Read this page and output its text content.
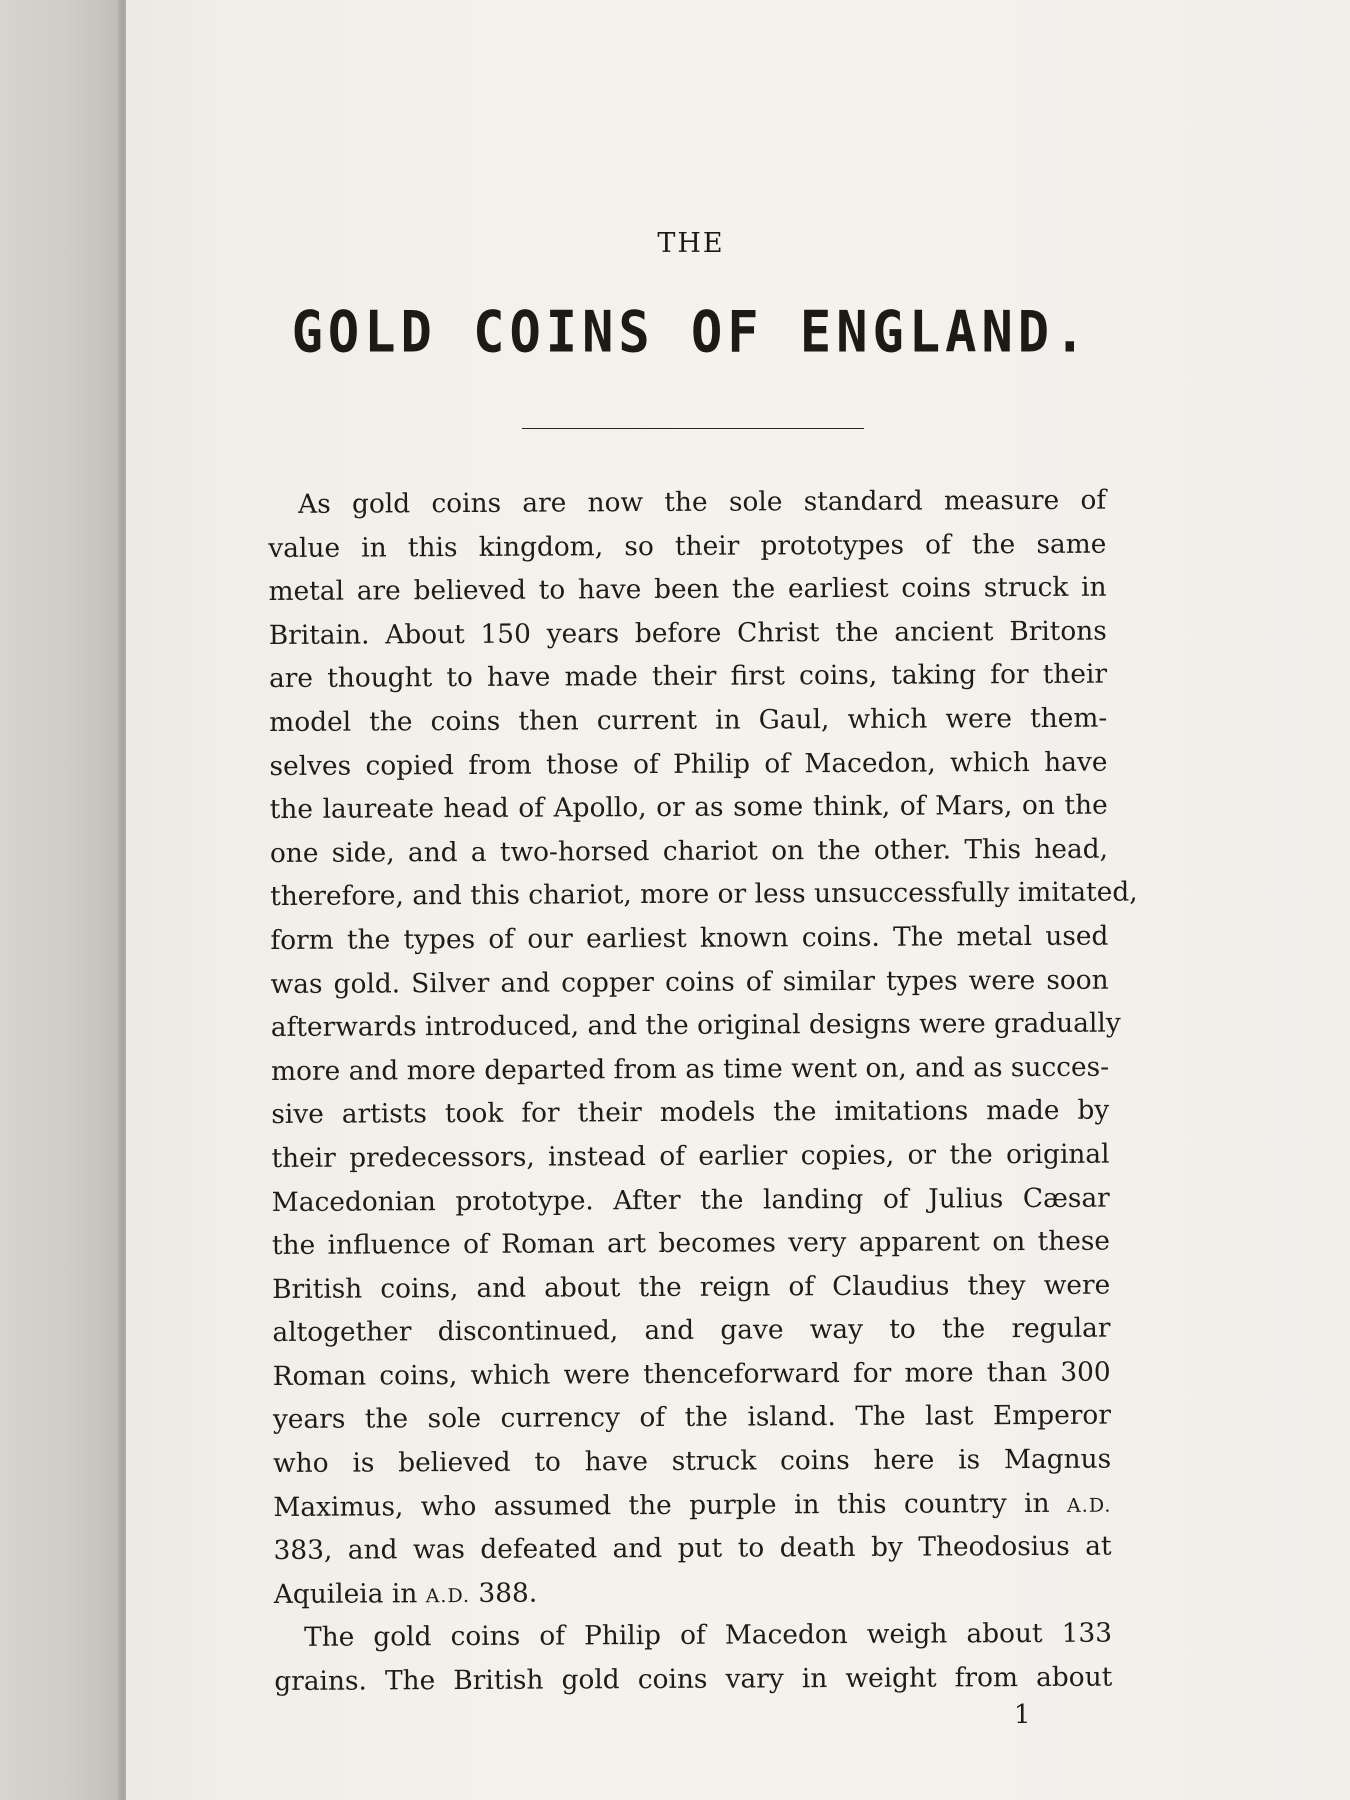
THE
GOLD COINS OF ENGLAND.
As gold coins are now the sole standard measure of
value in this kingdom, so their prototypes of the same
metal are believed to have been the earliest coins struck in
Britain. About 150 years before Christ the ancient Britons
are thought to have made their first coins, taking for their
model the coins then current in Gaul, which were them-
selves copied from those of Philip of Macedon, which have
the laureate head of Apollo, or as some think, of Mars, on the
one side, and a two-horsed chariot on the other. This head,
therefore, and this chariot, more or less unsuccessfully imitated,
form the types of our earliest known coins. The metal used
was gold. Silver and copper coins of similar types were soon
afterwards introduced, and the original designs were gradually
more and more departed from as time went on, and as succes-
sive artists took for their models the imitations made by
their predecessors, instead of earlier copies, or the original
Macedonian prototype. After the landing of Julius Cæsar
the influence of Roman art becomes very apparent on these
British coins, and about the reign of Claudius they were
altogether discontinued, and gave way to the regular
Roman coins, which were thenceforward for more than 300
years the sole currency of the island. The last Emperor
who is believed to have struck coins here is Magnus
Maximus, who assumed the purple in this country in A.D.
383, and was defeated and put to death by Theodosius at
Aquileia in A.D. 388.
The gold coins of Philip of Macedon weigh about 133
grains. The British gold coins vary in weight from about
1
